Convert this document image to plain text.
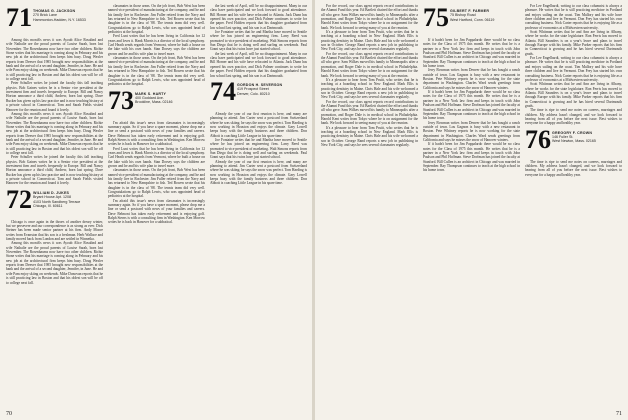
71 THOMAS G. JACKSON
270 Brick Lane
Hammonton-Hadden, N.Y. 16533

Among this month's news it was Ayoub Alice Rosalind and wife Nathalie are the proud parents of Louise Sarah, born last November. The Rosenbaums now have two other children. Richie Stone writes that his marriage is coming along in February and his new job at the architectural firm keeps him busy. Doug Wexler reports from Denver that 1985 brought new responsibilities at the bank and the arrival of a second daughter, Jennifer, in June. He and wife Pam enjoy skiing on weekends. Mike Donovan reports that he is still practicing law in Boston and that his oldest son will be off to college next fall.

Peter Schuller writes he joined the faculty this fall teaching physics. Bob Gaines writes he is a Senior vice president at the investment firm and travels frequently to Europe. Bill and Nancy Horton announce a third child, Andrew, born last spring. Dave Rucker has given up his law practice and is now teaching history at a private school in Connecticut. Tom and Sarah Fields visited Hanover for the reunion and found it lovely.

Among this month's news it was Ayoub Alice Rosalind and wife Nathalie are the proud parents of Louise Sarah, born last November. The Rosenbaums now have two other children. Richie Stone writes that his marriage is coming along in February and his new job at the architectural firm keeps him busy. Doug Wexler reports from Denver that 1985 brought new responsibilities at the bank and the arrival of a second daughter, Jennifer, in June. He and wife Pam enjoy skiing on weekends. Mike Donovan reports that he is still practicing law in Boston and that his oldest son will be off to college next fall.

Peter Schuller writes he joined the faculty this fall teaching physics. Bob Gaines writes he is a Senior vice president at the investment firm and travels frequently to Europe. Bill and Nancy Horton announce a third child, Andrew, born last spring. Dave Rucker has given up his law practice and is now teaching history at a private school in Connecticut. Tom and Sarah Fields visited Hanover for the reunion and found it lovely.

72 WILLIAM D. JUKES
Bryant House Apt. 1208
4103 North Sandberg Terrace
Chicago, Ill. 60611

Chicago is once again in the throes of another dreary winter, but we persevere and our correspondence is as strong as ever. Dick Steiner has been made senior partner at his firm. Andy Moore writes from Evanston that his son is a freshman. Herb Wallace and family moved back from London and are settled in Winnetka.

Among this month's news it was Ayoub Alice Rosalind and wife Nathalie are the proud parents of Louise Sarah, born last November. The Rosenbaums now have two other children. Richie Stone writes that his marriage is coming along in February and his new job at the architectural firm keeps him busy. Doug Wexler reports from Denver that 1985 brought new responsibilities at the bank and the arrival of a second daughter, Jennifer, in June. He and wife Pam enjoy skiing on weekends. Mike Donovan reports that he is still practicing law in Boston and that his oldest son will be off to college next fall.

classmates in those areas. On the job front, Bob West has been named vice president of manufacturing at the company, and he and his family live in Rochester. Jim Fuller retired from the Navy and has returned to New Hampshire to fish. Ted Bowen wrote that his daughter is in the class of '88. The tennis team did very well. Congratulations go to Ralph Lewis, who was appointed head of pediatrics at the hospital.

Fred Lunt writes that he has been living in California for 12 years and loves it. Hank Morris is a director of the local symphony. Carl Heath sends regards from Vermont, where he built a house on the lake with his own hands. Stan Dorsey says the children are grown and he and his wife plan to travel more.

classmates in those areas. On the job front, Bob West has been named vice president of manufacturing at the company, and he and his family live in Rochester. Jim Fuller retired from the Navy and has returned to New Hampshire to fish. Ted Bowen wrote that his daughter is in the class of '88. The tennis team did very well. Congratulations go to Ralph Lewis, who was appointed head of pediatrics at the hospital.

73 MARK S. HARTY
400 Goddard Ave.
Brookline, Mass. 02146

I'm afraid this issue's news from classmates is increasingly summary again. So if you have a spare moment, please drop me a line or send a postcard with news of your families and careers. Dave Belmont has taken early retirement and is enjoying golf. Ralph Sterns is with a consulting firm in Washington. Ken Morrow writes he is back in Hanover for a sabbatical.

Fred Lunt writes that he has been living in California for 12 years and loves it. Hank Morris is a director of the local symphony. Carl Heath sends regards from Vermont, where he built a house on the lake with his own hands. Stan Dorsey says the children are grown and he and his wife plan to travel more.

classmates in those areas. On the job front, Bob West has been named vice president of manufacturing at the company, and he and his family live in Rochester. Jim Fuller retired from the Navy and has returned to New Hampshire to fish. Ted Bowen wrote that his daughter is in the class of '88. The tennis team did very well. Congratulations go to Ralph Lewis, who was appointed head of pediatrics at the hospital.

I'm afraid this issue's news from classmates is increasingly summary again. So if you have a spare moment, please drop me a line or send a postcard with news of your families and careers. Dave Belmont has taken early retirement and is enjoying golf. Ralph Sterns is with a consulting firm in Washington. Ken Morrow writes he is back in Hanover for a sabbatical.

the last week of April, will be no disappointment. Many in our class have participated and we look forward to good attendance. Bill Horner and his wife have relocated to Atlanta. Jack Dunn has opened his own practice, and Dick Palmer continues to write for the paper. Fred Holden reports that his daughter graduated from law school last spring, and his son is at Dartmouth.

Joe Fontaine writes that he and Martha have moved to Seattle where he has joined an engineering firm. Larry Reed was promoted to vice president of marketing. Walt Simons reports from San Diego that he is doing well and surfing on weekends. Paul Grant says that his twins have just started school.

the last week of April, will be no disappointment. Many in our class have participated and we look forward to good attendance. Bill Horner and his wife have relocated to Atlanta. Jack Dunn has opened his own practice, and Dick Palmer continues to write for the paper. Fred Holden reports that his daughter graduated from law school last spring, and his son is at Dartmouth.

74 GORDON H. SEVERSON
419 Prospect Street
Denver, Colo. 80210

Already the year of our first reunion is here, and many are planning to attend. Jim Carter sent a postcard from Switzerland where he was skiing; he says the snow was perfect. Tom Harding is now working in Houston and enjoys the climate. Gary Lowell keeps busy with the family business and three children. Don Abbott is coaching Little League in his spare time.

Joe Fontaine writes that he and Martha have moved to Seattle where he has joined an engineering firm. Larry Reed was promoted to vice president of marketing. Walt Simons reports from San Diego that he is doing well and surfing on weekends. Paul Grant says that his twins have just started school.

Already the year of our first reunion is here, and many are planning to attend. Jim Carter sent a postcard from Switzerland where he was skiing; he says the snow was perfect. Tom Harding is now working in Houston and enjoys the climate. Gary Lowell keeps busy with the family business and three children. Don Abbott is coaching Little League in his spare time.

70

For the record, our class agent reports record contributions to the Alumni Fund this year. Ed Bartlett chaired the effort and thanks all who gave. Sam Wilkes moved his family to Minneapolis after a promotion, and Roger Dale is in medical school in Philadelphia. Harold Kent writes from Tokyo where he is on assignment for the bank. We look forward to seeing many of you at the reunion.

It's a pleasure to hear from Tom Pruitt, who writes that he is teaching at a boarding school in New England. Mark Ellis is practicing dentistry in Maine. Chris Hale and his wife welcomed a son in October. George Rand reports a new job in publishing in New York City, and says he sees several classmates regularly.

For the record, our class agent reports record contributions to the Alumni Fund this year. Ed Bartlett chaired the effort and thanks all who gave. Sam Wilkes moved his family to Minneapolis after a promotion, and Roger Dale is in medical school in Philadelphia. Harold Kent writes from Tokyo where he is on assignment for the bank. We look forward to seeing many of you at the reunion.

It's a pleasure to hear from Tom Pruitt, who writes that he is teaching at a boarding school in New England. Mark Ellis is practicing dentistry in Maine. Chris Hale and his wife welcomed a son in October. George Rand reports a new job in publishing in New York City, and says he sees several classmates regularly.

For the record, our class agent reports record contributions to the Alumni Fund this year. Ed Bartlett chaired the effort and thanks all who gave. Sam Wilkes moved his family to Minneapolis after a promotion, and Roger Dale is in medical school in Philadelphia. Harold Kent writes from Tokyo where he is on assignment for the bank. We look forward to seeing many of you at the reunion.

It's a pleasure to hear from Tom Pruitt, who writes that he is teaching at a boarding school in New England. Mark Ellis is practicing dentistry in Maine. Chris Hale and his wife welcomed a son in October. George Rand reports a new job in publishing in New York City, and says he sees several classmates regularly.

75 GILBERT F. FARMER
75 Bishop Road
West Hartford, Conn. 06119

If it hadn't been for Jim Pappalardo there would be no class notes for the Class of 1975 this month. He writes that he is a partner in a New York law firm and keeps in touch with John Paulson and Phil Hoffman. Steve Dorfman has joined the faculty at Stanford. Bill Cullen is an architect in Chicago and was married in September. Ray Thompson continues to teach at the high school in his home town.

Jerry Bowman writes from Denver that he has bought a ranch outside of town. Lou Gagnon is busy with a new restaurant in Boston. Pete Whitney reports he is now working for the state department in Washington. Charles Ward sends greetings from California and says he misses the snow of Hanover winters.

If it hadn't been for Jim Pappalardo there would be no class notes for the Class of 1975 this month. He writes that he is a partner in a New York law firm and keeps in touch with John Paulson and Phil Hoffman. Steve Dorfman has joined the faculty at Stanford. Bill Cullen is an architect in Chicago and was married in September. Ray Thompson continues to teach at the high school in his home town.

Jerry Bowman writes from Denver that he has bought a ranch outside of town. Lou Gagnon is busy with a new restaurant in Boston. Pete Whitney reports he is now working for the state department in Washington. Charles Ward sends greetings from California and says he misses the snow of Hanover winters.

If it hadn't been for Jim Pappalardo there would be no class notes for the Class of 1975 this month. He writes that he is a partner in a New York law firm and keeps in touch with John Paulson and Phil Hoffman. Steve Dorfman has joined the faculty at Stanford. Bill Cullen is an architect in Chicago and was married in September. Ray Thompson continues to teach at the high school in his home town.

For Lee Engelhardt, writing to our class columnist is always a pleasure. He writes that he is still practicing medicine in Portland and enjoys sailing on the coast. Tim Mallory and his wife have three children and live in Vermont. Don Frey has started his own consulting business. Nick Carter reports that he is enjoying life as a professor of economics at a Midwestern university.

Scott Whitman writes that he and Ann are living in Albany, where he works for the state legislature. Ron Ferris has moved to Atlanta. Bill Saunders is on a year's leave and plans to travel through Europe with his family. Mike Parker reports that his firm in Connecticut is growing and he has hired several Dartmouth grads.

For Lee Engelhardt, writing to our class columnist is always a pleasure. He writes that he is still practicing medicine in Portland and enjoys sailing on the coast. Tim Mallory and his wife have three children and live in Vermont. Don Frey has started his own consulting business. Nick Carter reports that he is enjoying life as a professor of economics at a Midwestern university.

Scott Whitman writes that he and Ann are living in Albany, where he works for the state legislature. Ron Ferris has moved to Atlanta. Bill Saunders is on a year's leave and plans to travel through Europe with his family. Mike Parker reports that his firm in Connecticut is growing and he has hired several Dartmouth grads.

The time is ripe to send me notes on careers, marriages and children. My address hasn't changed, and we look forward to hearing from all of you before the next issue. Best wishes to everyone for a happy and healthy year.

76 GREGORY F. CROWN
146 Fuller St.
West Newton, Mass. 02165

The time is ripe to send me notes on careers, marriages and children. My address hasn't changed, and we look forward to hearing from all of you before the next issue. Best wishes to everyone for a happy and healthy year.

71
